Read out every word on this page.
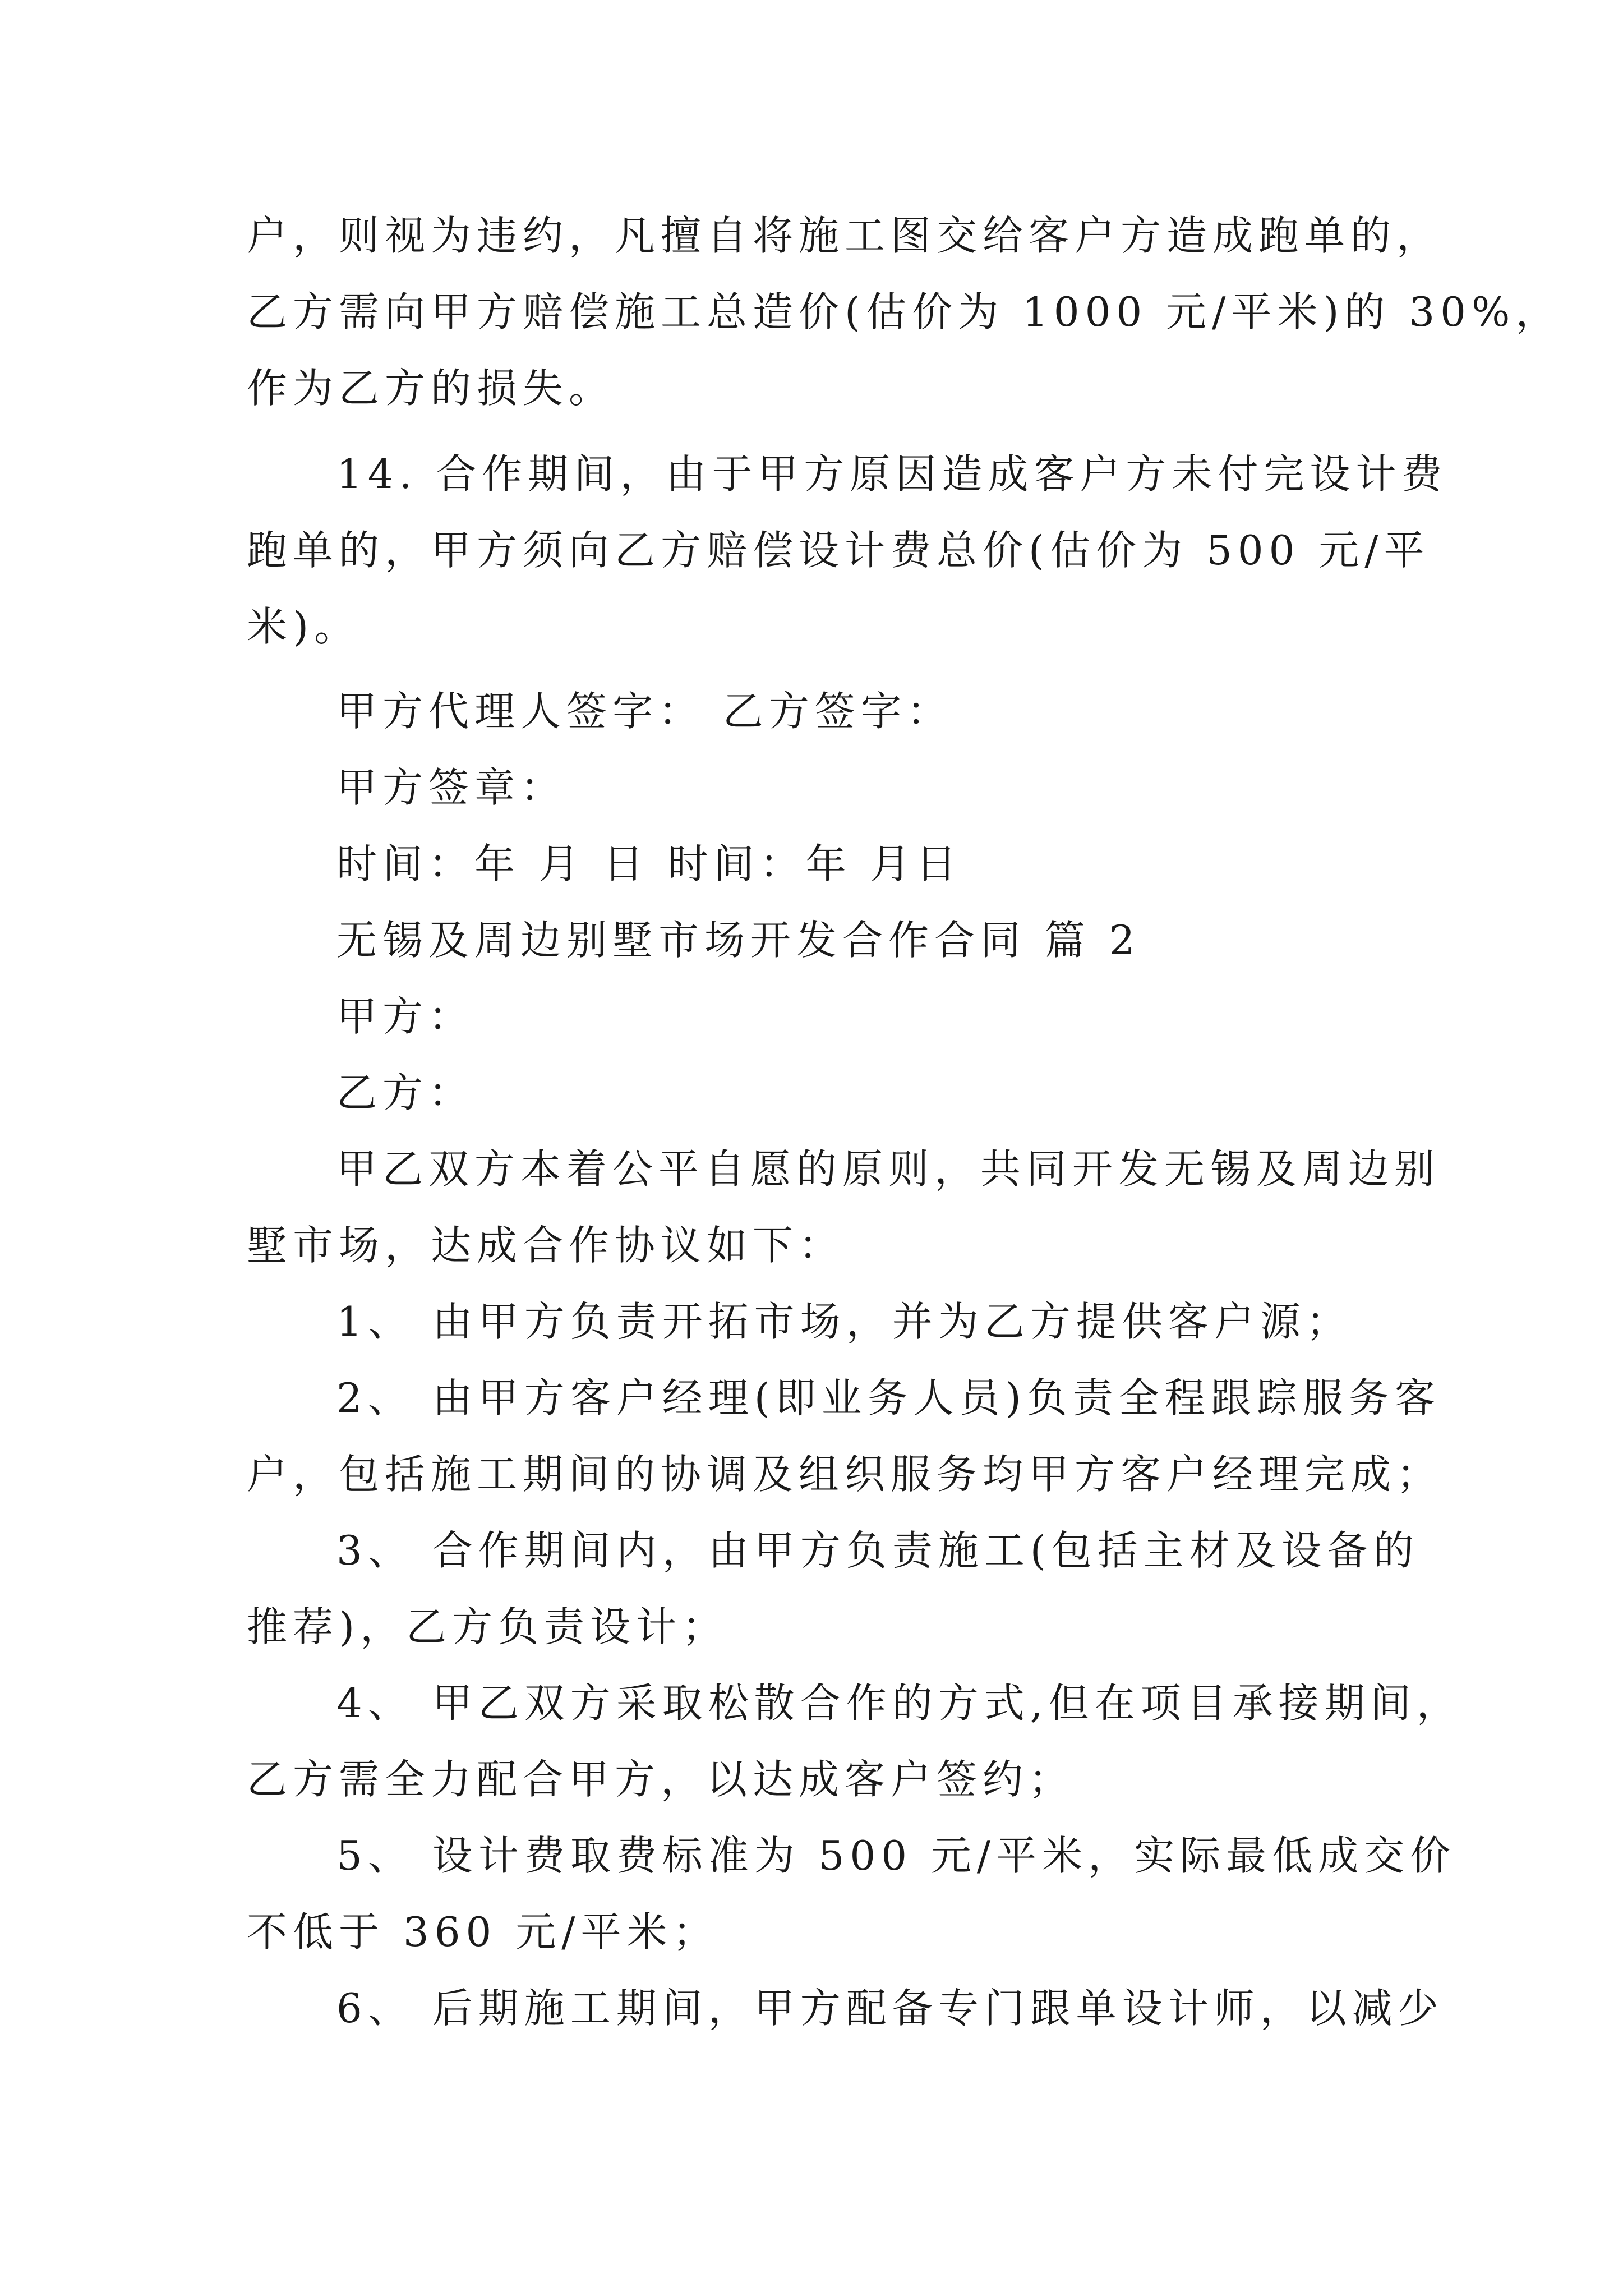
户，则视为违约，凡擅自将施工图交给客户方造成跑单的，
乙方需向甲方赔偿施工总造价(估价为 1000 元/平米)的 30%，
作为乙方的损失。
14. 合作期间，由于甲方原因造成客户方未付完设计费
跑单的，甲方须向乙方赔偿设计费总价(估价为 500 元/平
米)。
甲方代理人签字： 乙方签字：
甲方签章：
时间：年 月 日 时间：年 月日
无锡及周边别墅市场开发合作合同 篇 2
甲方：
乙方：
甲乙双方本着公平自愿的原则，共同开发无锡及周边别
墅市场，达成合作协议如下：
1、 由甲方负责开拓市场，并为乙方提供客户源；
2、 由甲方客户经理(即业务人员)负责全程跟踪服务客
户，包括施工期间的协调及组织服务均甲方客户经理完成；
3、 合作期间内，由甲方负责施工(包括主材及设备的
推荐)，乙方负责设计；
4、 甲乙双方采取松散合作的方式,但在项目承接期间，
乙方需全力配合甲方，以达成客户签约；
5、 设计费取费标准为 500 元/平米，实际最低成交价
不低于 360 元/平米；
6、 后期施工期间，甲方配备专门跟单设计师，以减少
